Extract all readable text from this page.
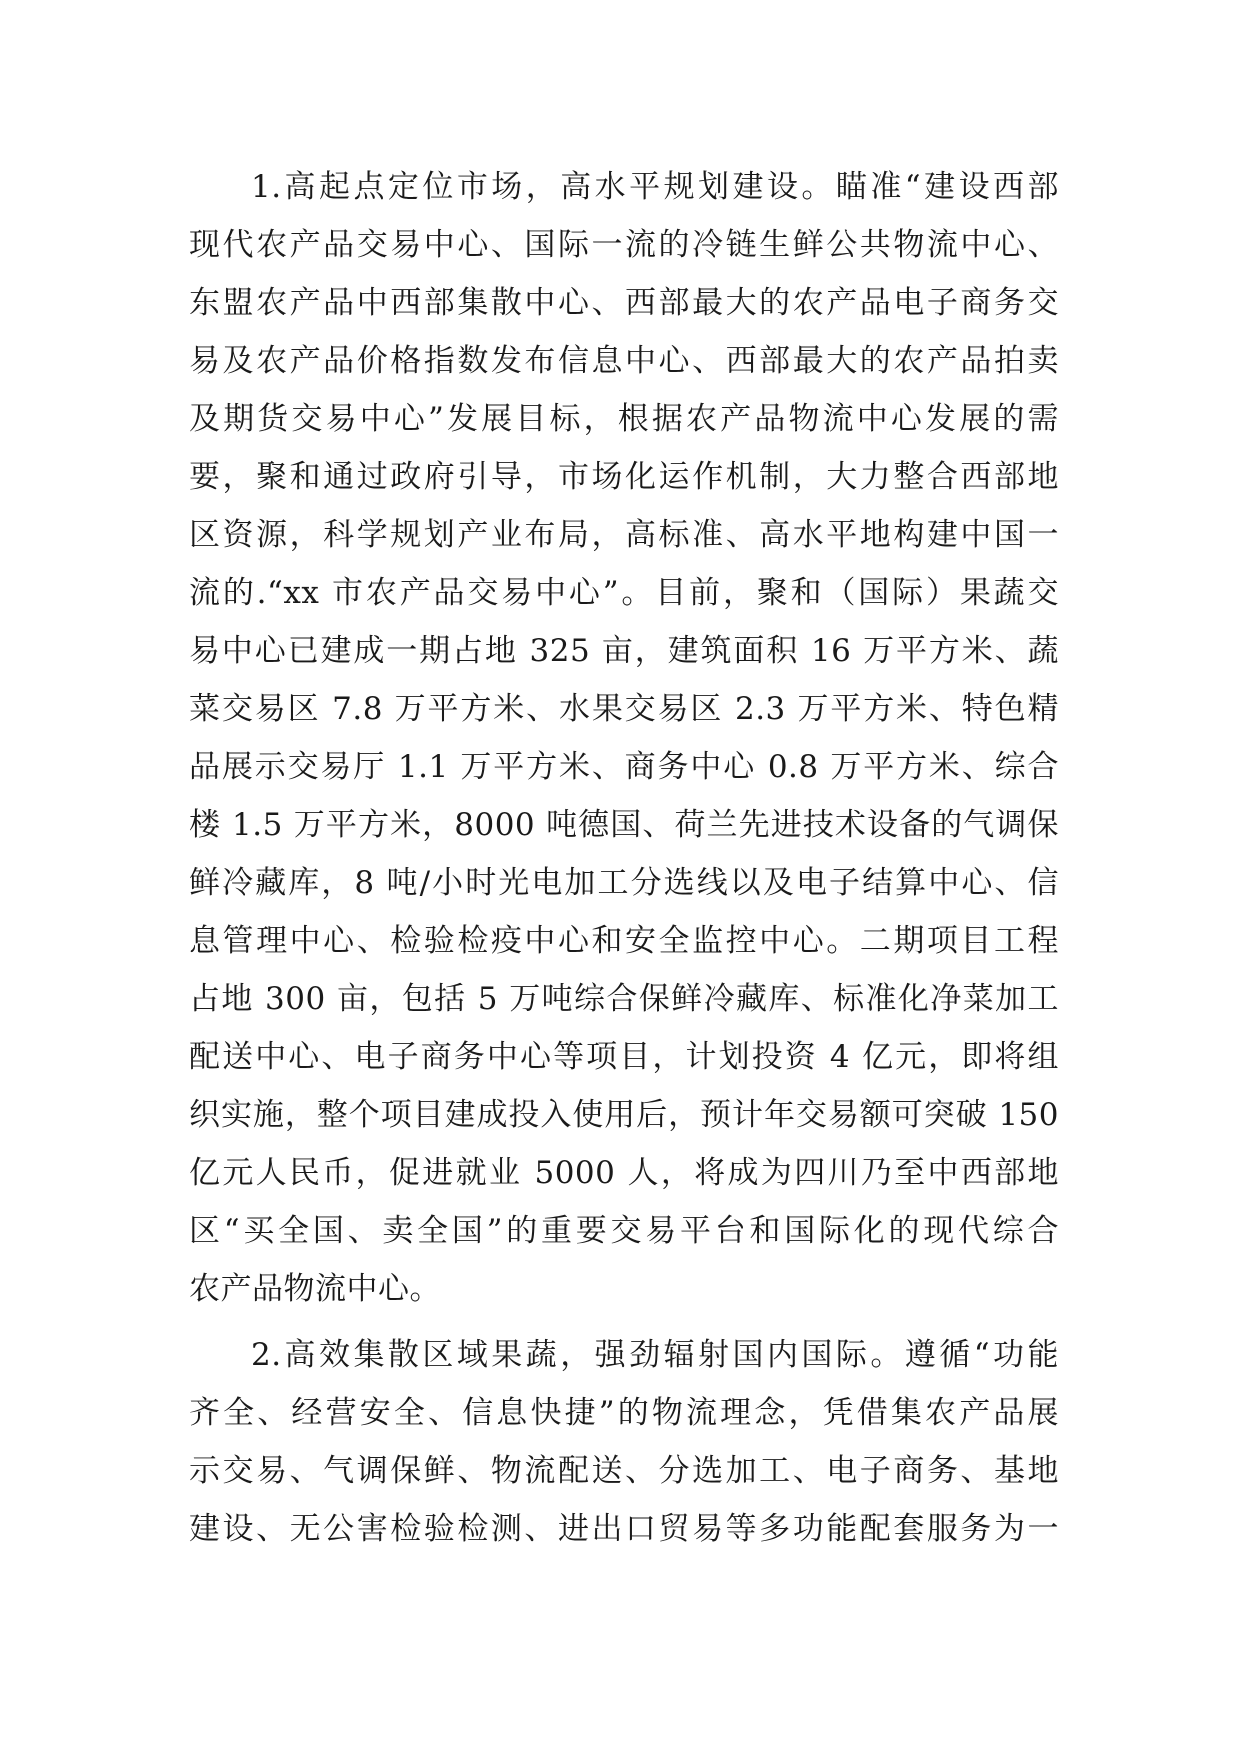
1.高起点定位市场，高水平规划建设。瞄准“建设西部
现代农产品交易中心、国际一流的冷链生鲜公共物流中心、
东盟农产品中西部集散中心、西部最大的农产品电子商务交
易及农产品价格指数发布信息中心、西部最大的农产品拍卖
及期货交易中心”发展目标，根据农产品物流中心发展的需
要，聚和通过政府引导，市场化运作机制，大力整合西部地
区资源，科学规划产业布局，高标准、高水平地构建中国一
流的.“xx 市农产品交易中心”。目前，聚和（国际）果蔬交
易中心已建成一期占地 325 亩，建筑面积 16 万平方米、蔬
菜交易区 7.8 万平方米、水果交易区 2.3 万平方米、特色精
品展示交易厅 1.1 万平方米、商务中心 0.8 万平方米、综合
楼 1.5 万平方米，8000 吨德国、荷兰先进技术设备的气调保
鲜冷藏库，8 吨/小时光电加工分选线以及电子结算中心、信
息管理中心、检验检疫中心和安全监控中心。二期项目工程
占地 300 亩，包括 5 万吨综合保鲜冷藏库、标准化净菜加工
配送中心、电子商务中心等项目，计划投资 4 亿元，即将组
织实施，整个项目建成投入使用后，预计年交易额可突破 150
亿元人民币，促进就业 5000 人，将成为四川乃至中西部地
区“买全国、卖全国”的重要交易平台和国际化的现代综合
农产品物流中心。
2.高效集散区域果蔬，强劲辐射国内国际。遵循“功能
齐全、经营安全、信息快捷”的物流理念，凭借集农产品展
示交易、气调保鲜、物流配送、分选加工、电子商务、基地
建设、无公害检验检测、进出口贸易等多功能配套服务为一
